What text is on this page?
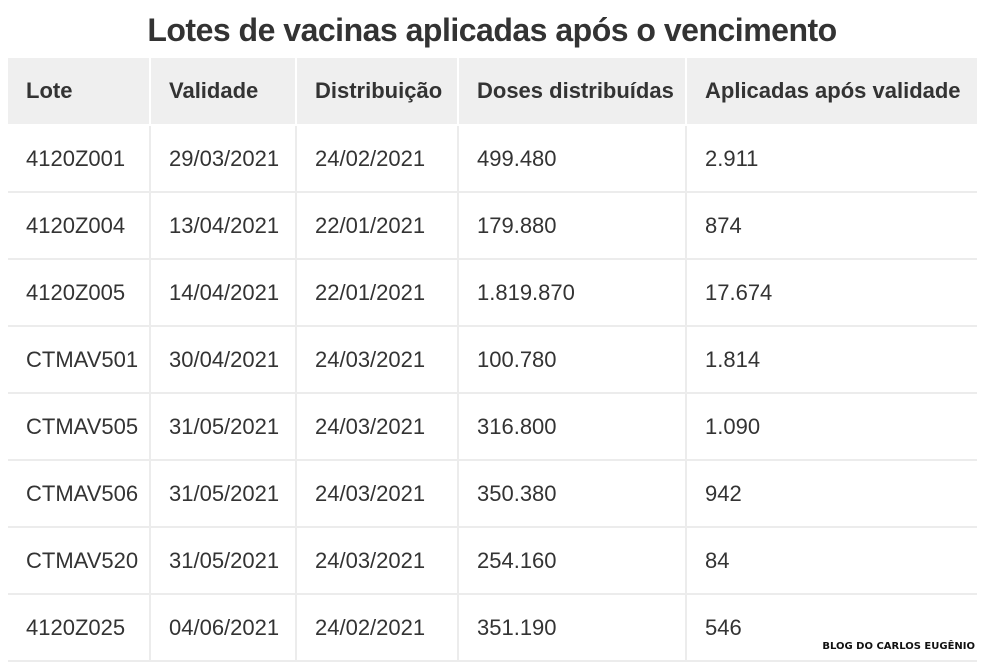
Lotes de vacinas aplicadas após o vencimento
Lote	Validade	Distribuição	Doses distribuídas	Aplicadas após validade
4120Z001	29/03/2021	24/02/2021	499.480	2.911
4120Z004	13/04/2021	22/01/2021	179.880	874
4120Z005	14/04/2021	22/01/2021	1.819.870	17.674
CTMAV501	30/04/2021	24/03/2021	100.780	1.814
CTMAV505	31/05/2021	24/03/2021	316.800	1.090
CTMAV506	31/05/2021	24/03/2021	350.380	942
CTMAV520	31/05/2021	24/03/2021	254.160	84
4120Z025	04/06/2021	24/02/2021	351.190	546
BLOG DO CARLOS EUGÊNIO
